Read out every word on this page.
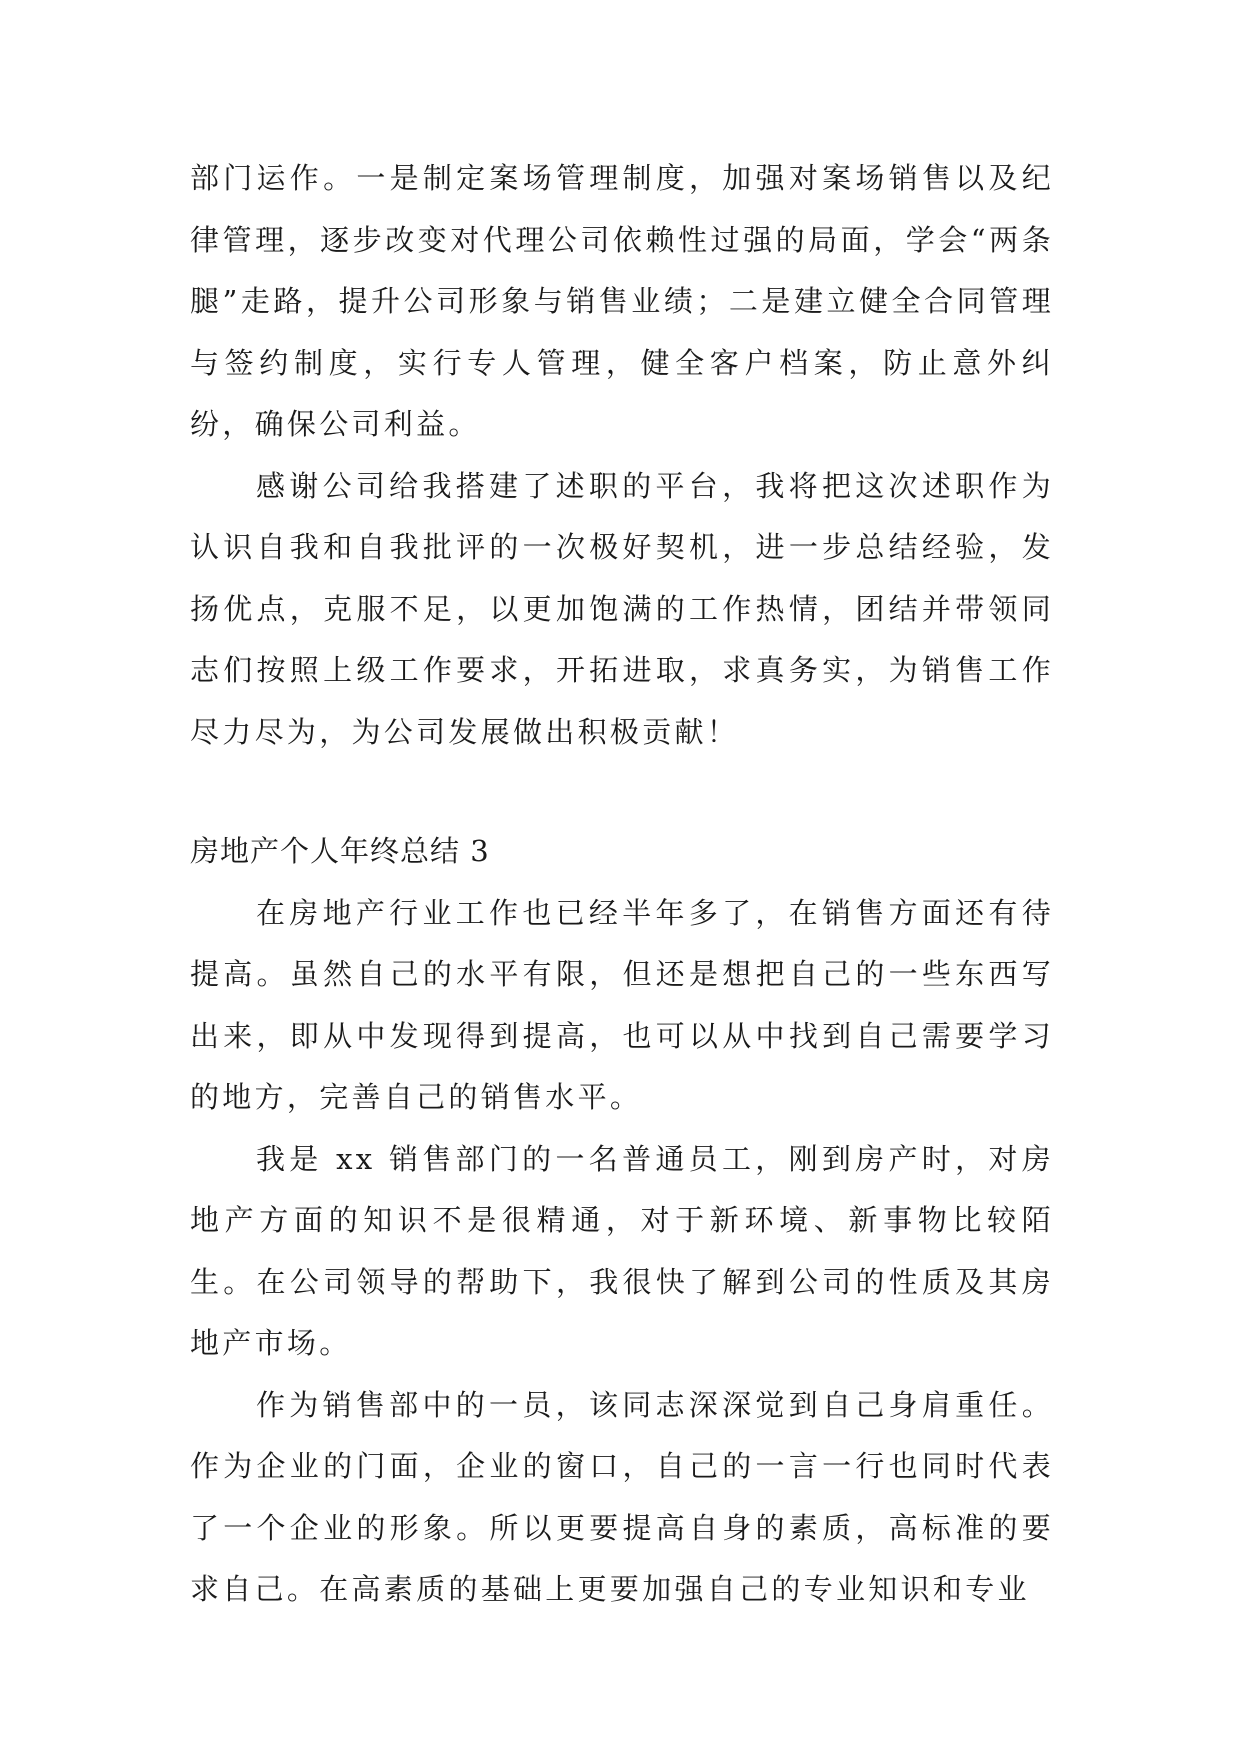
部门运作。一是制定案场管理制度，加强对案场销售以及纪律管理，逐步改变对代理公司依赖性过强的局面，学会“两条腿”走路，提升公司形象与销售业绩；二是建立健全合同管理与签约制度，实行专人管理，健全客户档案，防止意外纠纷，确保公司利益。

感谢公司给我搭建了述职的平台，我将把这次述职作为认识自我和自我批评的一次极好契机，进一步总结经验，发扬优点，克服不足，以更加饱满的工作热情，团结并带领同志们按照上级工作要求，开拓进取，求真务实，为销售工作尽力尽为，为公司发展做出积极贡献！

房地产个人年终总结 3

在房地产行业工作也已经半年多了，在销售方面还有待提高。虽然自己的水平有限，但还是想把自己的一些东西写出来，即从中发现得到提高，也可以从中找到自己需要学习的地方，完善自己的销售水平。

我是 xx 销售部门的一名普通员工，刚到房产时，对房地产方面的知识不是很精通，对于新环境、新事物比较陌生。在公司领导的帮助下，我很快了解到公司的性质及其房地产市场。

作为销售部中的一员，该同志深深觉到自己身肩重任。作为企业的门面，企业的窗口，自己的一言一行也同时代表了一个企业的形象。所以更要提高自身的素质，高标准的要求自己。在高素质的基础上更要加强自己的专业知识和专业
